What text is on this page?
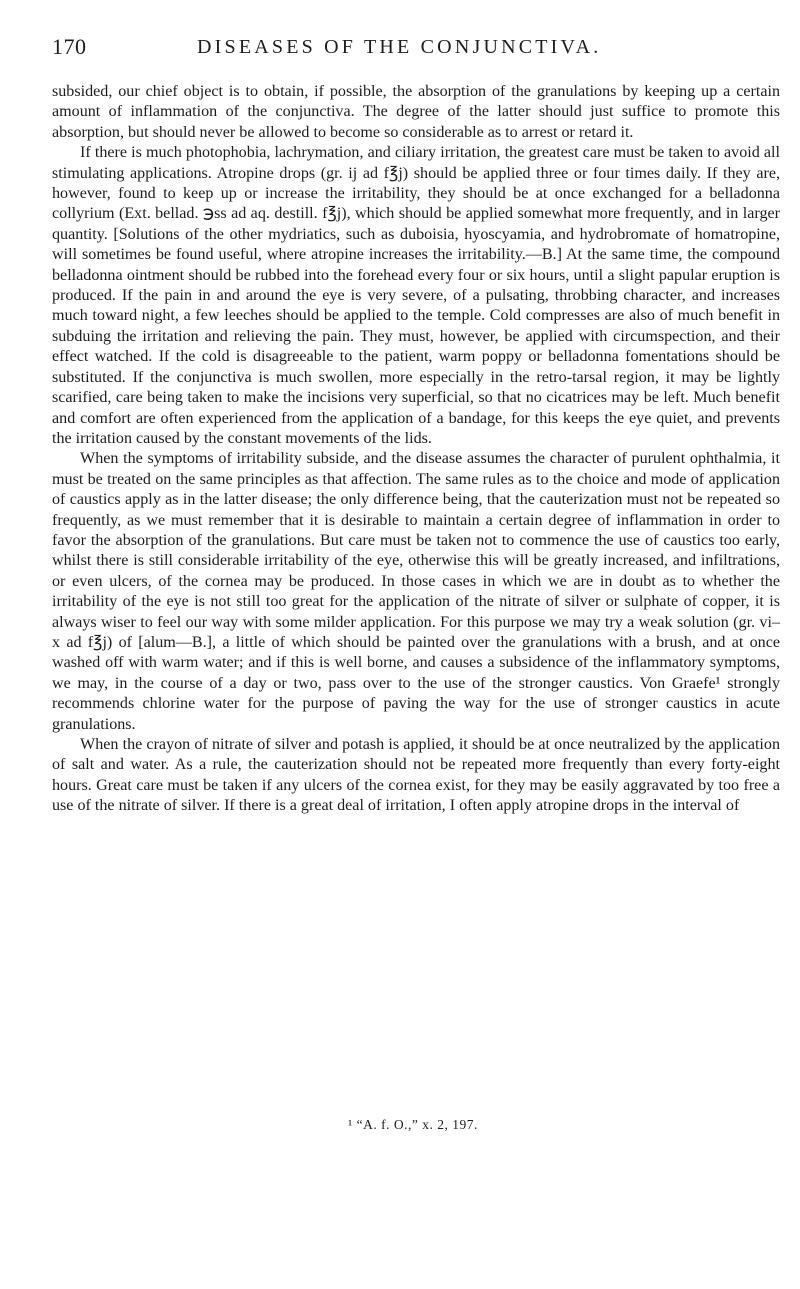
170	DISEASES OF THE CONJUNCTIVA.

subsided, our chief object is to obtain, if possible, the absorption of the granulations by keeping up a certain amount of inflammation of the conjunctiva. The degree of the latter should just suffice to promote this absorption, but should never be allowed to become so considerable as to arrest or retard it.

If there is much photophobia, lachrymation, and ciliary irritation, the greatest care must be taken to avoid all stimulating applications. Atropine drops (gr. ij ad f℥j) should be applied three or four times daily. If they are, however, found to keep up or increase the irritability, they should be at once exchanged for a belladonna collyrium (Ext. bellad. ℈ss ad aq. destill. f℥j), which should be applied somewhat more frequently, and in larger quantity. [Solutions of the other mydriatics, such as duboisia, hyoscyamia, and hydrobromate of homatropine, will sometimes be found useful, where atropine increases the irritability.—B.] At the same time, the compound belladonna ointment should be rubbed into the forehead every four or six hours, until a slight papular eruption is produced. If the pain in and around the eye is very severe, of a pulsating, throbbing character, and increases much toward night, a few leeches should be applied to the temple. Cold compresses are also of much benefit in subduing the irritation and relieving the pain. They must, however, be applied with circumspection, and their effect watched. If the cold is disagreeable to the patient, warm poppy or belladonna fomentations should be substituted. If the conjunctiva is much swollen, more especially in the retro-tarsal region, it may be lightly scarified, care being taken to make the incisions very superficial, so that no cicatrices may be left. Much benefit and comfort are often experienced from the application of a bandage, for this keeps the eye quiet, and prevents the irritation caused by the constant movements of the lids.

When the symptoms of irritability subside, and the disease assumes the character of purulent ophthalmia, it must be treated on the same principles as that affection. The same rules as to the choice and mode of application of caustics apply as in the latter disease; the only difference being, that the cauterization must not be repeated so frequently, as we must remember that it is desirable to maintain a certain degree of inflammation in order to favor the absorption of the granulations. But care must be taken not to commence the use of caustics too early, whilst there is still considerable irritability of the eye, otherwise this will be greatly increased, and infiltrations, or even ulcers, of the cornea may be produced. In those cases in which we are in doubt as to whether the irritability of the eye is not still too great for the application of the nitrate of silver or sulphate of copper, it is always wiser to feel our way with some milder application. For this purpose we may try a weak solution (gr. vi–x ad f℥j) of [alum—B.], a little of which should be painted over the granulations with a brush, and at once washed off with warm water; and if this is well borne, and causes a subsidence of the inflammatory symptoms, we may, in the course of a day or two, pass over to the use of the stronger caustics. Von Graefe¹ strongly recommends chlorine water for the purpose of paving the way for the use of stronger caustics in acute granulations.

When the crayon of nitrate of silver and potash is applied, it should be at once neutralized by the application of salt and water. As a rule, the cauterization should not be repeated more frequently than every forty-eight hours. Great care must be taken if any ulcers of the cornea exist, for they may be easily aggravated by too free a use of the nitrate of silver. If there is a great deal of irritation, I often apply atropine drops in the interval of

¹ “A. f. O.,” x. 2, 197.
